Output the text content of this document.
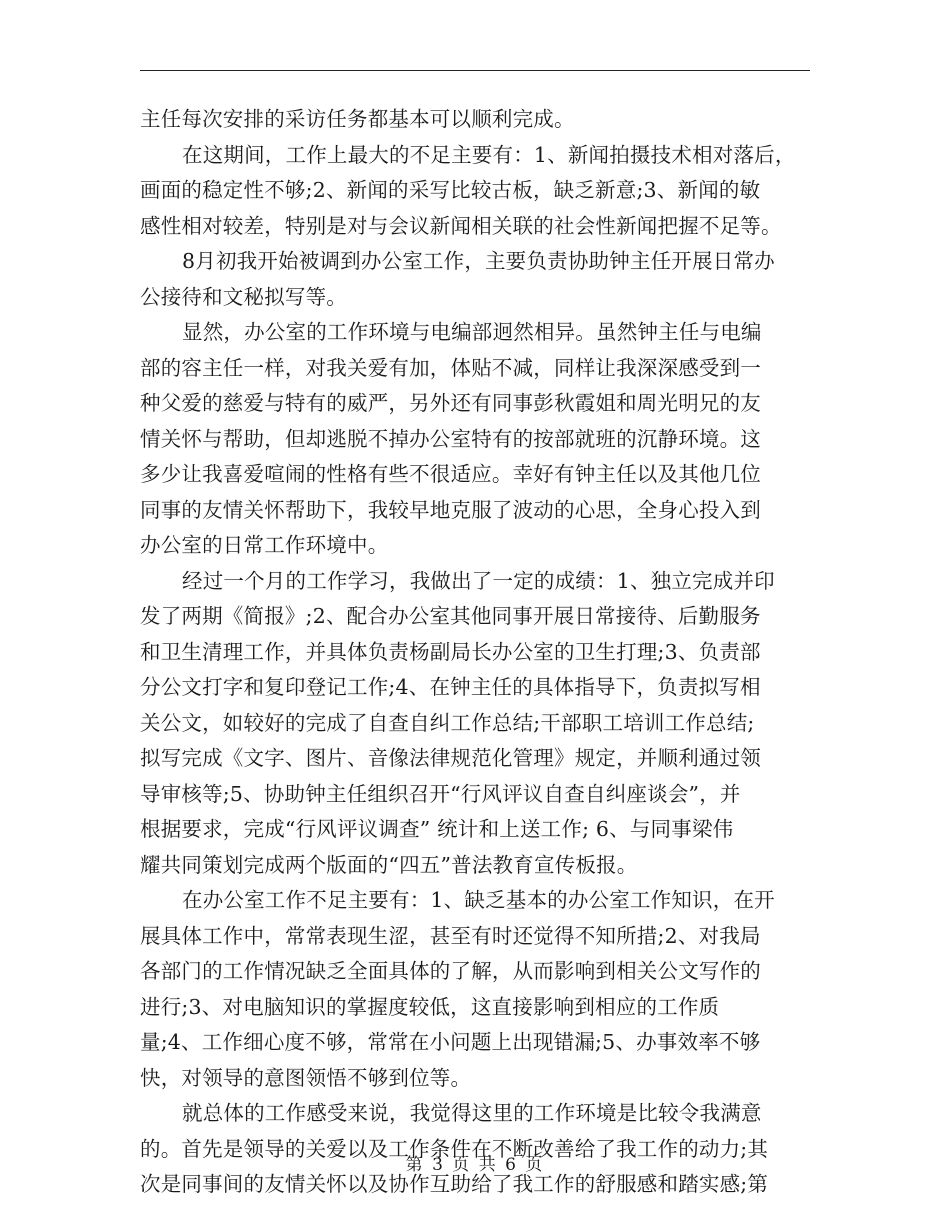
主任每次安排的采访任务都基本可以顺利完成。
在这期间，工作上最大的不足主要有：1、新闻拍摄技术相对落后，
画面的稳定性不够;2、新闻的采写比较古板，缺乏新意;3、新闻的敏
感性相对较差，特别是对与会议新闻相关联的社会性新闻把握不足等。
8月初我开始被调到办公室工作，主要负责协助钟主任开展日常办
公接待和文秘拟写等。
显然，办公室的工作环境与电编部迥然相异。虽然钟主任与电编
部的容主任一样，对我关爱有加，体贴不减，同样让我深深感受到一
种父爱的慈爱与特有的威严，另外还有同事彭秋霞姐和周光明兄的友
情关怀与帮助，但却逃脱不掉办公室特有的按部就班的沉静环境。这
多少让我喜爱喧闹的性格有些不很适应。幸好有钟主任以及其他几位
同事的友情关怀帮助下，我较早地克服了波动的心思，全身心投入到
办公室的日常工作环境中。
经过一个月的工作学习，我做出了一定的成绩：1、独立完成并印
发了两期《简报》;2、配合办公室其他同事开展日常接待、后勤服务
和卫生清理工作，并具体负责杨副局长办公室的卫生打理;3、负责部
分公文打字和复印登记工作;4、在钟主任的具体指导下，负责拟写相
关公文，如较好的完成了自查自纠工作总结;干部职工培训工作总结;
拟写完成《文字、图片、音像法律规范化管理》规定，并顺利通过领
导审核等;5、协助钟主任组织召开“行风评议自查自纠座谈会”，并
根据要求，完成“行风评议调查” 统计和上送工作; 6、与同事梁伟
耀共同策划完成两个版面的“四五”普法教育宣传板报。
在办公室工作不足主要有：1、缺乏基本的办公室工作知识，在开
展具体工作中，常常表现生涩，甚至有时还觉得不知所措;2、对我局
各部门的工作情况缺乏全面具体的了解，从而影响到相关公文写作的
进行;3、对电脑知识的掌握度较低，这直接影响到相应的工作质
量;4、工作细心度不够，常常在小问题上出现错漏;5、办事效率不够
快，对领导的意图领悟不够到位等。
就总体的工作感受来说，我觉得这里的工作环境是比较令我满意
的。首先是领导的关爱以及工作条件在不断改善给了我工作的动力;其
次是同事间的友情关怀以及协作互助给了我工作的舒服感和踏实感;第
第 3 页 共 6 页
